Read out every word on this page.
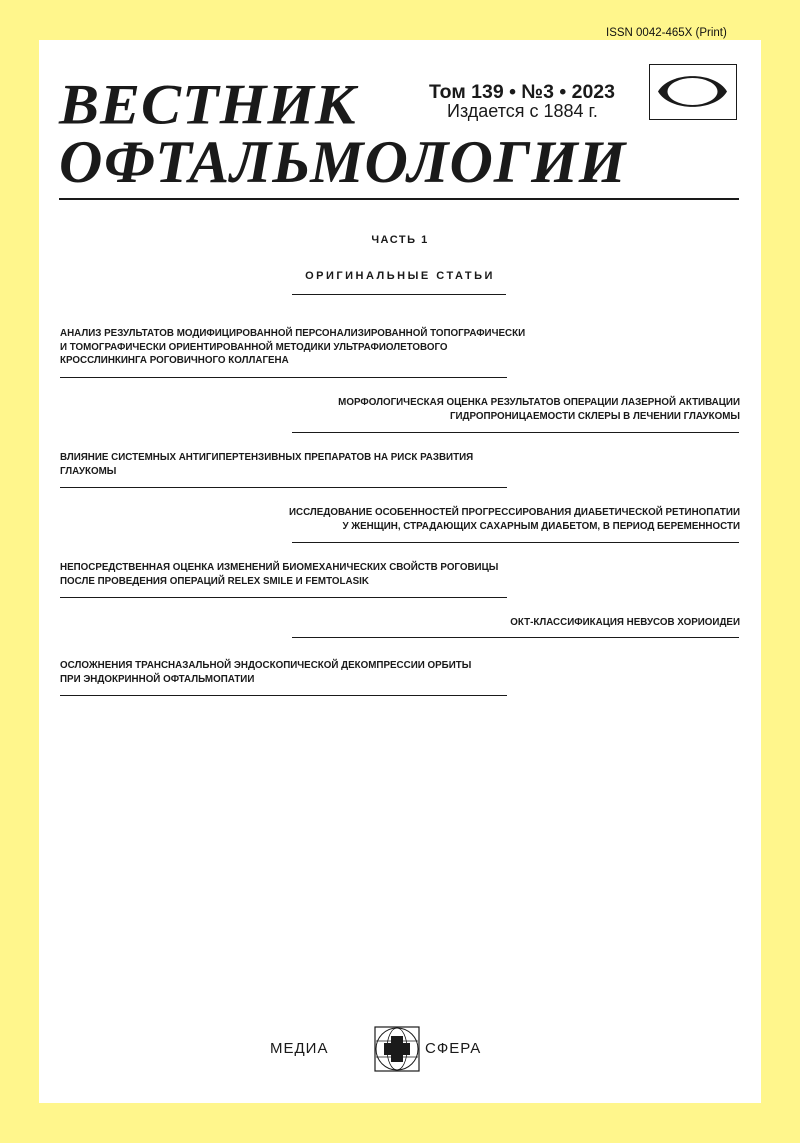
ISSN 0042-465X (Print)
ВЕСТНИК
ОФТАЛЬМОЛОГИИ
Том 139 • №3 • 2023
Издается с 1884 г.
ЧАСТЬ 1
ОРИГИНАЛЬНЫЕ СТАТЬИ
АНАЛИЗ РЕЗУЛЬТАТОВ МОДИФИЦИРОВАННОЙ ПЕРСОНАЛИЗИРОВАННОЙ ТОПОГРАФИЧЕСКИ
И ТОМОГРАФИЧЕСКИ ОРИЕНТИРОВАННОЙ МЕТОДИКИ УЛЬТРАФИОЛЕТОВОГО
КРОССЛИНКИНГА РОГОВИЧНОГО КОЛЛАГЕНА
МОРФОЛОГИЧЕСКАЯ ОЦЕНКА РЕЗУЛЬТАТОВ ОПЕРАЦИИ ЛАЗЕРНОЙ АКТИВАЦИИ
ГИДРОПРОНИЦАЕМОСТИ СКЛЕРЫ В ЛЕЧЕНИИ ГЛАУКОМЫ
ВЛИЯНИЕ СИСТЕМНЫХ АНТИГИПЕРТЕНЗИВНЫХ ПРЕПАРАТОВ НА РИСК РАЗВИТИЯ
ГЛАУКОМЫ
ИССЛЕДОВАНИЕ ОСОБЕННОСТЕЙ ПРОГРЕССИРОВАНИЯ ДИАБЕТИЧЕСКОЙ РЕТИНОПАТИИ
У ЖЕНЩИН, СТРАДАЮЩИХ САХАРНЫМ ДИАБЕТОМ, В ПЕРИОД БЕРЕМЕННОСТИ
НЕПОСРЕДСТВЕННАЯ ОЦЕНКА ИЗМЕНЕНИЙ БИОМЕХАНИЧЕСКИХ СВОЙСТВ РОГОВИЦЫ
ПОСЛЕ ПРОВЕДЕНИЯ ОПЕРАЦИЙ RELEX SMILE И FEMTOLASIK
ОКТ-КЛАССИФИКАЦИЯ НЕВУСОВ ХОРИОИДЕИ
ОСЛОЖНЕНИЯ ТРАНСНАЗАЛЬНОЙ ЭНДОСКОПИЧЕСКОЙ ДЕКОМПРЕССИИ ОРБИТЫ
ПРИ ЭНДОКРИННОЙ ОФТАЛЬМОПАТИИ
МЕДИА	СФЕРА
